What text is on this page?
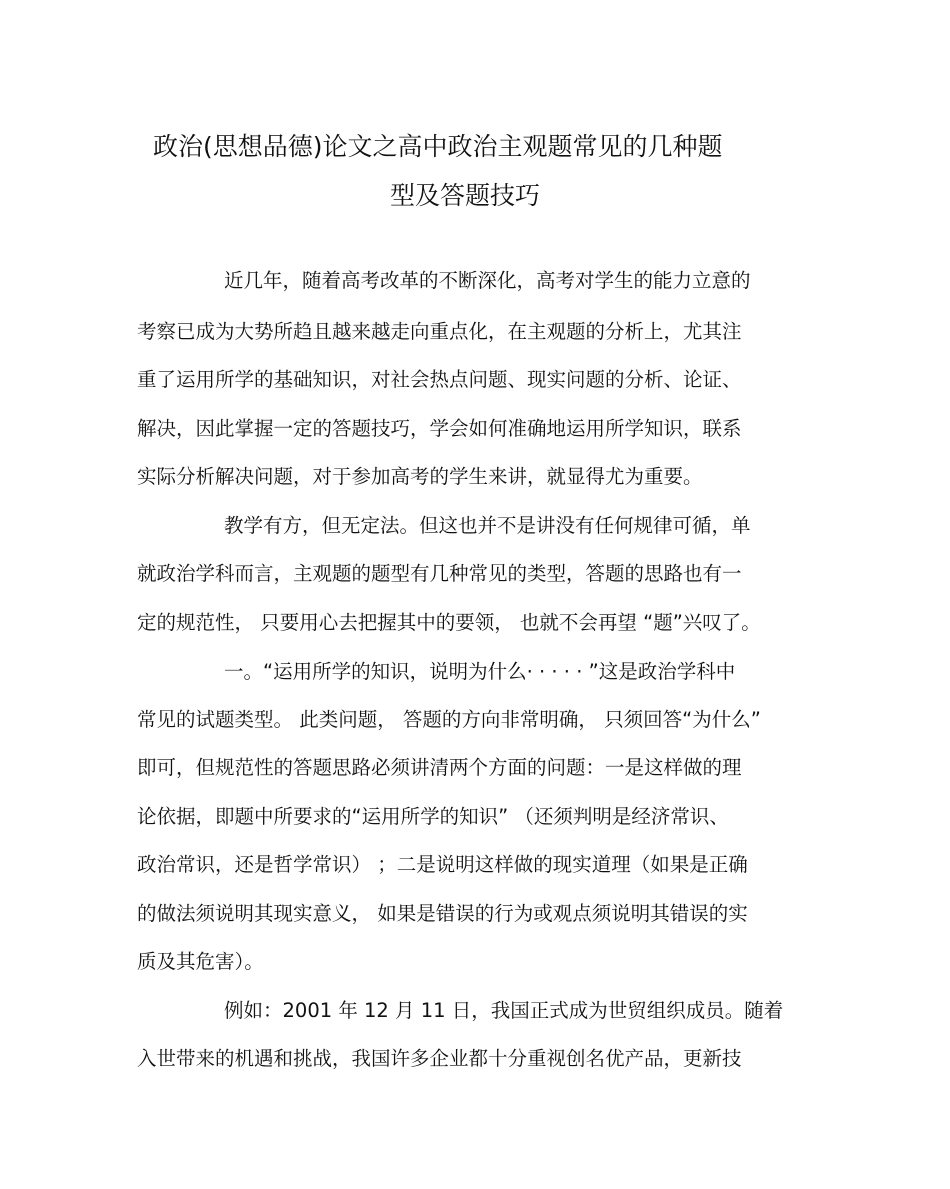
政治(思想品德)论文之高中政治主观题常见的几种题
型及答题技巧
近几年，随着高考改革的不断深化，高考对学生的能力立意的
考察已成为大势所趋且越来越走向重点化，在主观题的分析上，尤其注
重了运用所学的基础知识，对社会热点问题、现实问题的分析、论证、
解决，因此掌握一定的答题技巧，学会如何准确地运用所学知识，联系
实际分析解决问题，对于参加高考的学生来讲，就显得尤为重要。
教学有方，但无定法。但这也并不是讲没有任何规律可循，单
就政治学科而言，主观题的题型有几种常见的类型，答题的思路也有一
定的规范性， 只要用心去把握其中的要领， 也就不会再望 “题”兴叹了。
一。“运用所学的知识，说明为什么· · · · · ”这是政治学科中
常见的试题类型。 此类问题， 答题的方向非常明确， 只须回答“为什么”
即可，但规范性的答题思路必须讲清两个方面的问题：一是这样做的理
论依据，即题中所要求的“运用所学的知识” （还须判明是经济常识、
政治常识，还是哲学常识） ；二是说明这样做的现实道理（如果是正确
的做法须说明其现实意义， 如果是错误的行为或观点须说明其错误的实
质及其危害）。
例如：2001 年 12 月 11 日，我国正式成为世贸组织成员。随着
入世带来的机遇和挑战，我国许多企业都十分重视创名优产品，更新技
